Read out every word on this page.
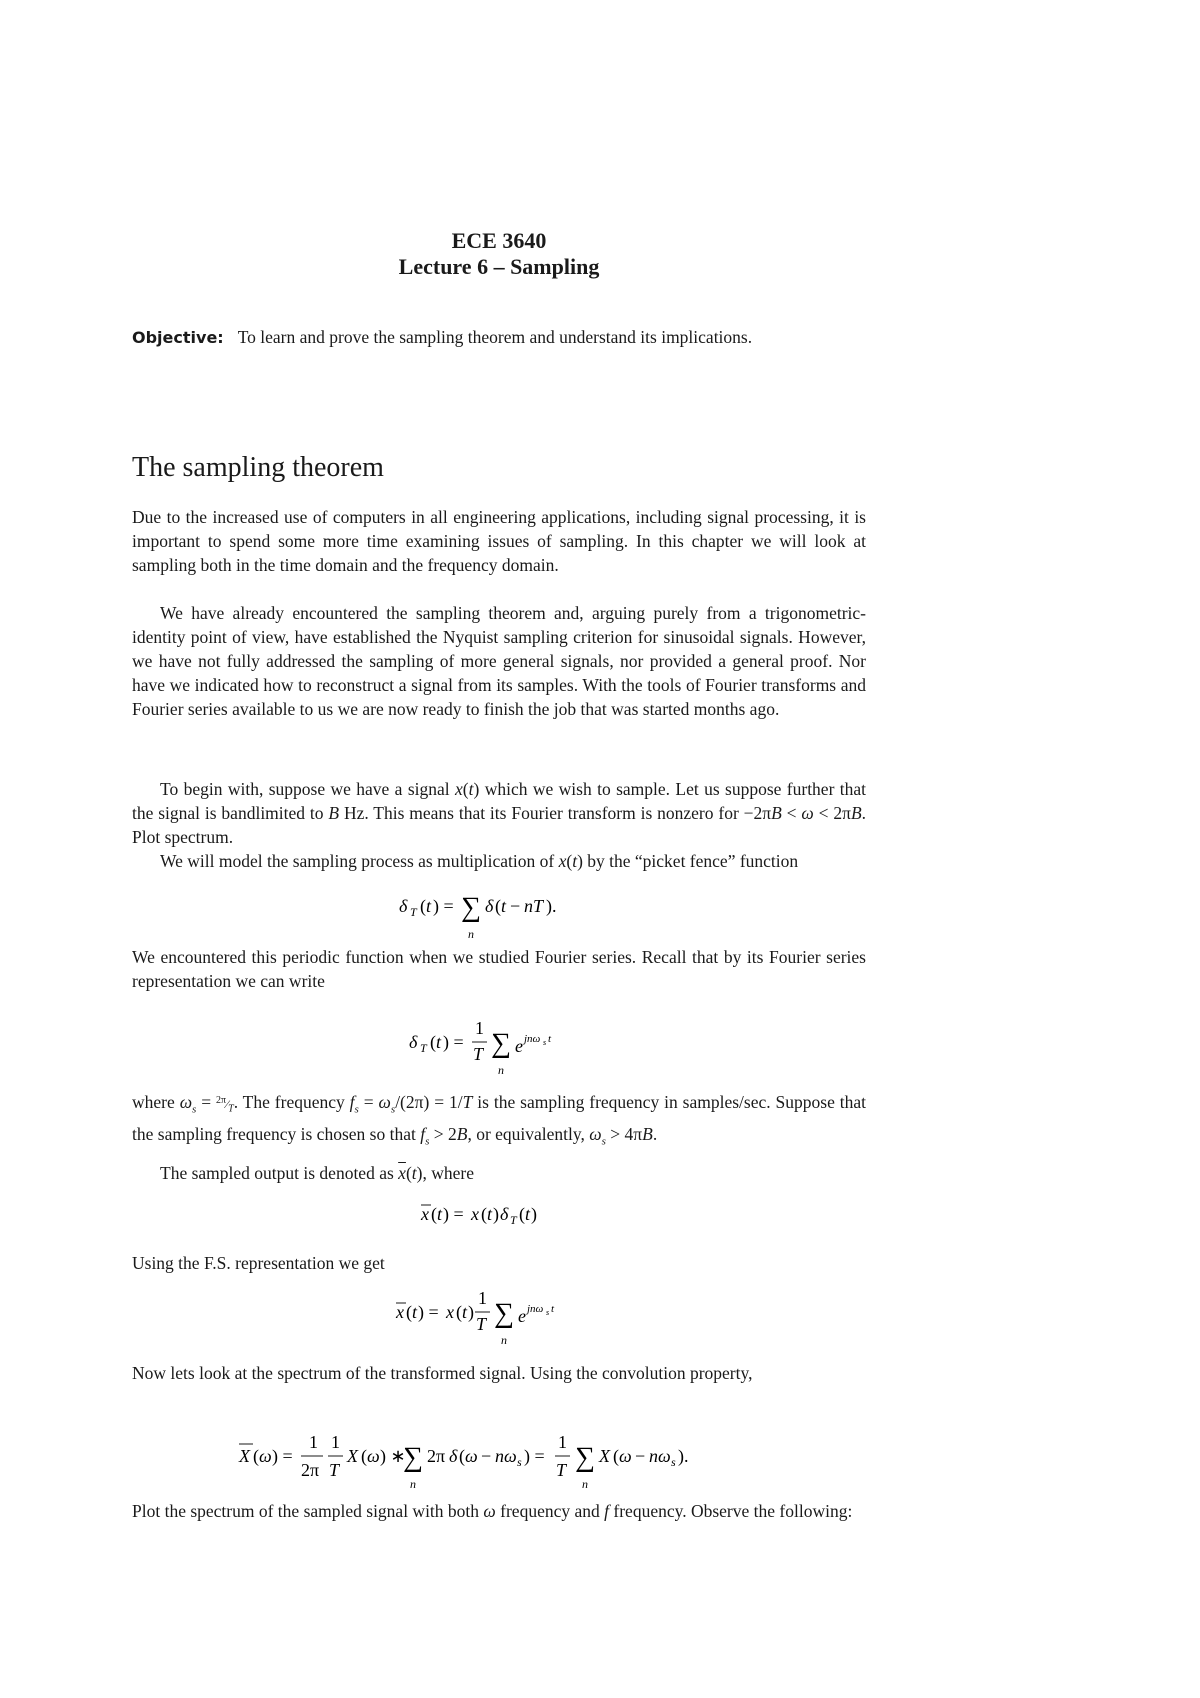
ECE 3640
Lecture 6 – Sampling
Objective: To learn and prove the sampling theorem and understand its implications.
The sampling theorem

Due to the increased use of computers in all engineering applications, including signal processing, it is important to spend some more time examining issues of sampling. In this chapter we will look at sampling both in the time domain and the frequency domain.

We have already encountered the sampling theorem and, arguing purely from a trigonometric-identity point of view, have established the Nyquist sampling criterion for sinusoidal signals. However, we have not fully addressed the sampling of more general signals, nor provided a general proof. Nor have we indicated how to reconstruct a signal from its samples. With the tools of Fourier transforms and Fourier series available to us we are now ready to finish the job that was started months ago.

To begin with, suppose we have a signal x(t) which we wish to sample. Let us suppose further that the signal is bandlimited to B Hz. This means that its Fourier transform is nonzero for −2πB < ω < 2πB. Plot spectrum.

We will model the sampling process as multiplication of x(t) by the “picket fence” function

δ T ( t ) = ∑
n
δ ( t − nT ).

We encountered this periodic function when we studied Fourier series. Recall that by its Fourier series representation we can write

δ T ( t ) =
1
T ∑
n
e jnω s t

where $\omega_s$ = $^{2\pi}⁄_T$. The frequency $f_s = \omega_s/(2\pi) = 1/T$ is the sampling frequency in samples/sec. Suppose that the sampling frequency is chosen so that $f_s > 2B$, or equivalently, $\omega_s > 4\pi B$.

The sampled output is denoted as $\overline{x}(t)$, where

x ( t ) = x ( t ) δ T ( t )

Using the F.S. representation we get

x ( t ) = x ( t )
1
T ∑
n
e jnω s t

Now lets look at the spectrum of the transformed signal. Using the convolution property,

X ( ω ) =
1
2π
1
T
X ( ω ) ∗
∑
n
2π δ ( ω − nω s ) =
1
T ∑
n
X ( ω − nω s ).

Plot the spectrum of the sampled signal with both ω frequency and f frequency. Observe the following:
